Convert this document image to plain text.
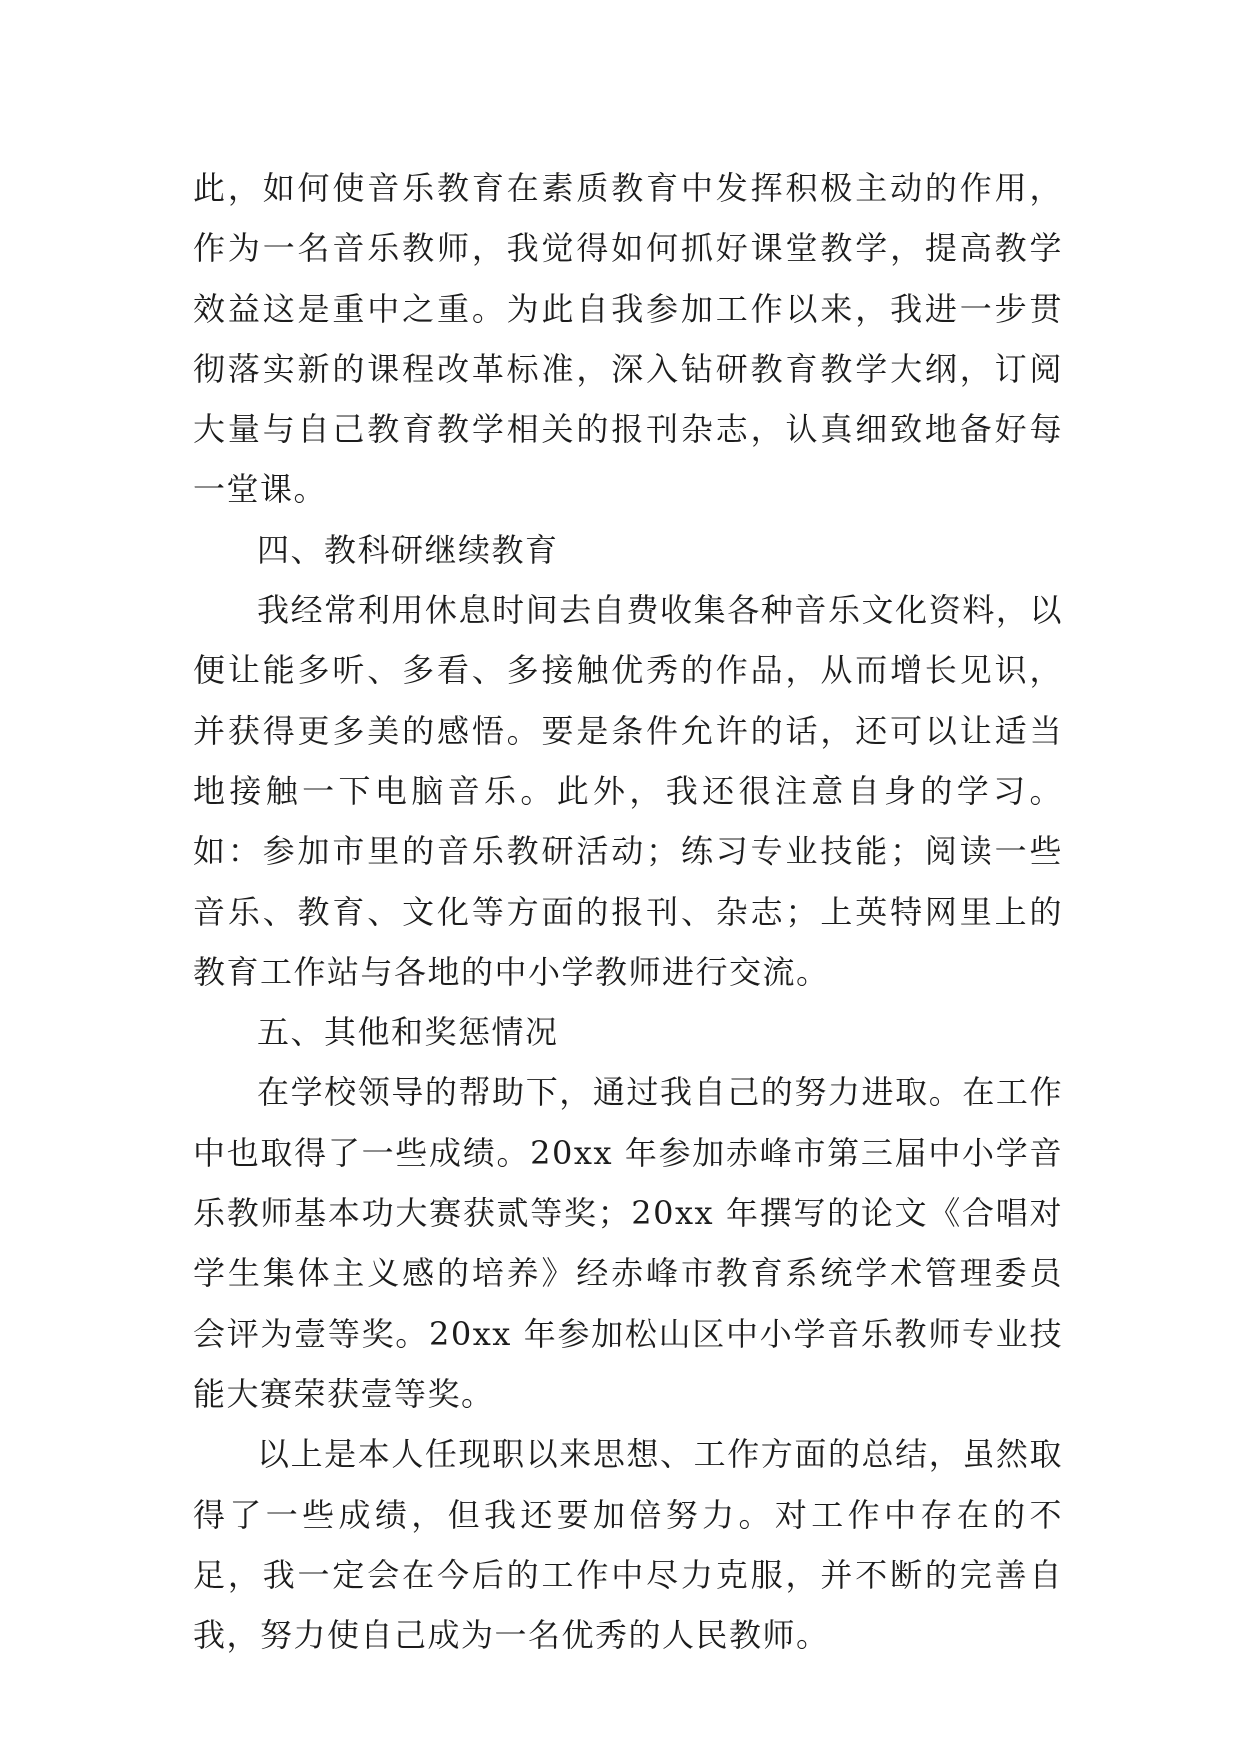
此，如何使音乐教育在素质教育中发挥积极主动的作用，作为一名音乐教师，我觉得如何抓好课堂教学，提高教学效益这是重中之重。为此自我参加工作以来，我进一步贯彻落实新的课程改革标准，深入钻研教育教学大纲，订阅大量与自己教育教学相关的报刊杂志，认真细致地备好每一堂课。

四、教科研继续教育

我经常利用休息时间去自费收集各种音乐文化资料，以便让能多听、多看、多接触优秀的作品，从而增长见识，并获得更多美的感悟。要是条件允许的话，还可以让适当地接触一下电脑音乐。此外，我还很注意自身的学习。如：参加市里的音乐教研活动；练习专业技能；阅读一些音乐、教育、文化等方面的报刊、杂志；上英特网里上的教育工作站与各地的中小学教师进行交流。

五、其他和奖惩情况

在学校领导的帮助下，通过我自己的努力进取。在工作中也取得了一些成绩。20xx 年参加赤峰市第三届中小学音乐教师基本功大赛获贰等奖；20xx 年撰写的论文《合唱对学生集体主义感的培养》经赤峰市教育系统学术管理委员会评为壹等奖。20xx 年参加松山区中小学音乐教师专业技能大赛荣获壹等奖。

以上是本人任现职以来思想、工作方面的总结，虽然取得了一些成绩，但我还要加倍努力。对工作中存在的不足，我一定会在今后的工作中尽力克服，并不断的完善自我，努力使自己成为一名优秀的人民教师。
